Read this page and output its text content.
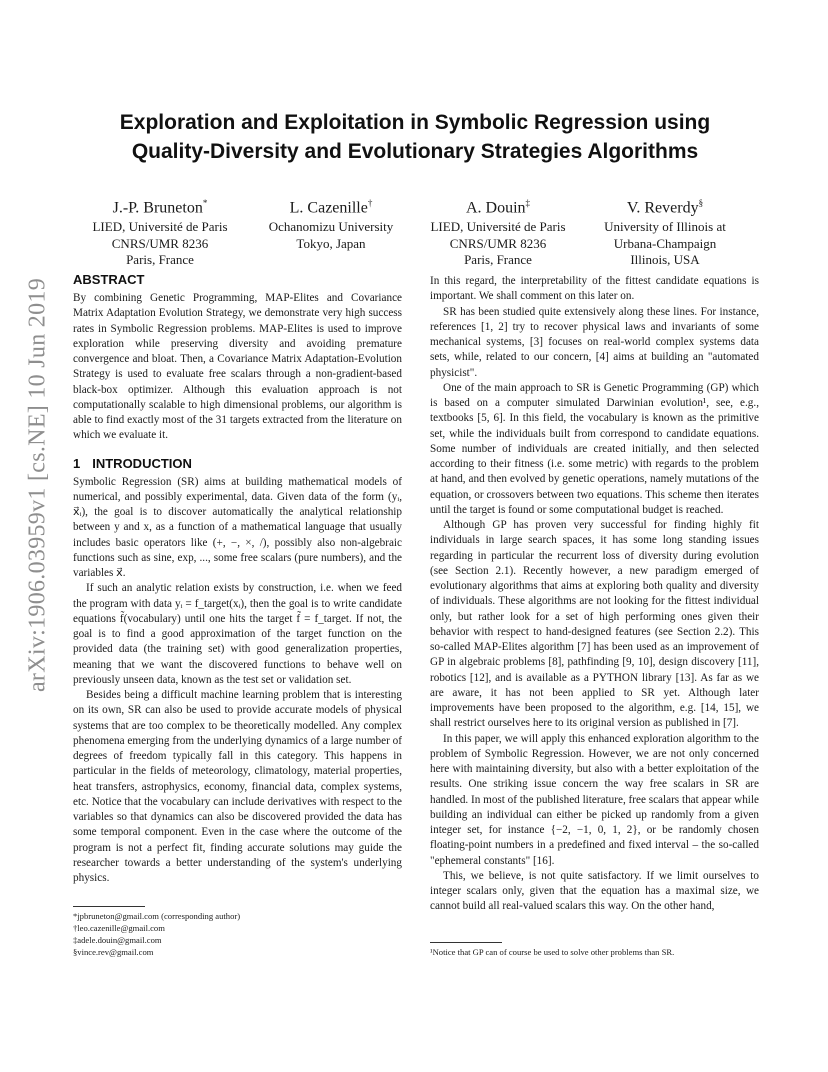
arXiv:1906.03959v1 [cs.NE] 10 Jun 2019
Exploration and Exploitation in Symbolic Regression using
Quality-Diversity and Evolutionary Strategies Algorithms
J.-P. Bruneton*
LIED, Université de Paris
CNRS/UMR 8236
Paris, France
L. Cazenille†
Ochanomizu University
Tokyo, Japan
A. Douin‡
LIED, Université de Paris
CNRS/UMR 8236
Paris, France
V. Reverdy§
University of Illinois at
Urbana-Champaign
Illinois, USA
ABSTRACT

By combining Genetic Programming, MAP-Elites and Covariance Matrix Adaptation Evolution Strategy, we demonstrate very high success rates in Symbolic Regression problems. MAP-Elites is used to improve exploration while preserving diversity and avoiding premature convergence and bloat. Then, a Covariance Matrix Adaptation-Evolution Strategy is used to evaluate free scalars through a non-gradient-based black-box optimizer. Although this evaluation approach is not computationally scalable to high dimensional problems, our algorithm is able to find exactly most of the 31 targets extracted from the literature on which we evaluate it.

1 INTRODUCTION

Symbolic Regression (SR) aims at building mathematical models of numerical, and possibly experimental, data. Given data of the form (yᵢ, x⃗ᵢ), the goal is to discover automatically the analytical relationship between y and x, as a function of a mathematical language that usually includes basic operators like (+, −, ×, /), possibly also non-algebraic functions such as sine, exp, ..., some free scalars (pure numbers), and the variables x⃗.

If such an analytic relation exists by construction, i.e. when we feed the program with data yᵢ = f_target(xᵢ), then the goal is to write candidate equations f̃(vocabulary) until one hits the target f̃ = f_target. If not, the goal is to find a good approximation of the target function on the provided data (the training set) with good generalization properties, meaning that we want the discovered functions to behave well on previously unseen data, known as the test set or validation set.

Besides being a difficult machine learning problem that is interesting on its own, SR can also be used to provide accurate models of physical systems that are too complex to be theoretically modelled. Any complex phenomena emerging from the underlying dynamics of a large number of degrees of freedom typically fall in this category. This happens in particular in the fields of meteorology, climatology, material properties, heat transfers, astrophysics, economy, financial data, complex systems, etc. Notice that the vocabulary can include derivatives with respect to the variables so that dynamics can also be discovered provided the data has some temporal component. Even in the case where the outcome of the program is not a perfect fit, finding accurate solutions may guide the researcher towards a better understanding of the system's underlying physics.

In this regard, the interpretability of the fittest candidate equations is important. We shall comment on this later on.

SR has been studied quite extensively along these lines. For instance, references [1, 2] try to recover physical laws and invariants of some mechanical systems, [3] focuses on real-world complex systems data sets, while, related to our concern, [4] aims at building an "automated physicist".

One of the main approach to SR is Genetic Programming (GP) which is based on a computer simulated Darwinian evolution¹, see, e.g., textbooks [5, 6]. In this field, the vocabulary is known as the primitive set, while the individuals built from correspond to candidate equations. Some number of individuals are created initially, and then selected according to their fitness (i.e. some metric) with regards to the problem at hand, and then evolved by genetic operations, namely mutations of the equation, or crossovers between two equations. This scheme then iterates until the target is found or some computational budget is reached.

Although GP has proven very successful for finding highly fit individuals in large search spaces, it has some long standing issues regarding in particular the recurrent loss of diversity during evolution (see Section 2.1). Recently however, a new paradigm emerged of evolutionary algorithms that aims at exploring both quality and diversity of individuals. These algorithms are not looking for the fittest individual only, but rather look for a set of high performing ones given their behavior with respect to hand-designed features (see Section 2.2). This so-called MAP-Elites algorithm [7] has been used as an improvement of GP in algebraic problems [8], pathfinding [9, 10], design discovery [11], robotics [12], and is available as a PYTHON library [13]. As far as we are aware, it has not been applied to SR yet. Although later improvements have been proposed to the algorithm, e.g. [14, 15], we shall restrict ourselves here to its original version as published in [7].

In this paper, we will apply this enhanced exploration algorithm to the problem of Symbolic Regression. However, we are not only concerned here with maintaining diversity, but also with a better exploitation of the results. One striking issue concern the way free scalars in SR are handled. In most of the published literature, free scalars that appear while building an individual can either be picked up randomly from a given integer set, for instance {−2, −1, 0, 1, 2}, or be randomly chosen floating-point numbers in a predefined and fixed interval – the so-called "ephemeral constants" [16].

This, we believe, is not quite satisfactory. If we limit ourselves to integer scalars only, given that the equation has a maximal size, we cannot build all real-valued scalars this way. On the other hand,

*jpbruneton@gmail.com (corresponding author)
†leo.cazenille@gmail.com
‡adele.douin@gmail.com
§vince.rev@gmail.com	¹Notice that GP can of course be used to solve other problems than SR.
